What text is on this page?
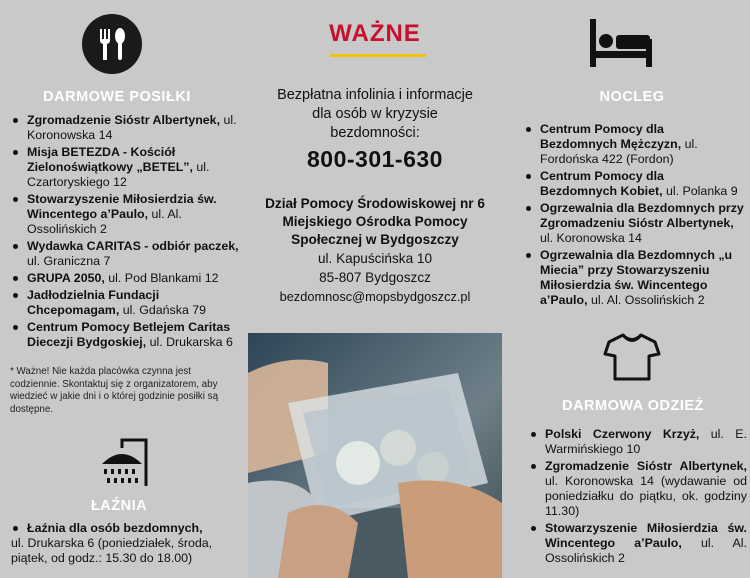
DARMOWE POSIŁKI
Zgromadzenie Sióstr Albertynek, ul. Koronowska 14
Misja BETEZDA - Kościół Zielonoświątkowy „BETEL”, ul. Czartoryskiego 12
Stowarzyszenie Miłosierdzia św. Wincentego a’Paulo, ul. Al. Ossolińskich 2
Wydawka CARITAS - odbiór paczek, ul. Graniczna 7
GRUPA 2050, ul. Pod Blankami 12
Jadłodzielnia Fundacji Chcepomagam, ul. Gdańska 79
Centrum Pomocy Betlejem Caritas Diecezji Bydgoskiej, ul. Drukarska 6
* Ważne! Nie każda placówka czynna jest codziennie. Skontaktuj się z organizatorem, aby wiedzieć w jakie dni i o której godzinie posiłki są dostępne.
ŁAŹNIA
Łaźnia dla osób bezdomnych,
ul. Drukarska 6 (poniedziałek, środa, piątek, od godz.: 15.30 do 18.00)
WAŻNE
Bezpłatna infolinia i informacje dla osób w kryzysie bezdomności:
800-301-630
Dział Pomocy Środowiskowej nr 6 Miejskiego Ośrodka Pomocy Społecznej w Bydgoszczy
ul. Kapuścińska 10
85-807 Bydgoszcz
bezdomnosc@mopsbydgoszcz.pl
NOCLEG
Centrum Pomocy dla Bezdomnych Mężczyzn, ul. Fordońska 422 (Fordon)
Centrum Pomocy dla Bezdomnych Kobiet, ul. Polanka 9
Ogrzewalnia dla Bezdomnych przy Zgromadzeniu Sióstr Albertynek, ul. Koronowska 14
Ogrzewalnia dla Bezdomnych „u Miecia” przy Stowarzyszeniu Miłosierdzia św. Wincentego a’Paulo, ul. Al. Ossolińskich 2
DARMOWA ODZIEŻ
Polski Czerwony Krzyż, ul. E. Warmińskiego 10
Zgromadzenie Sióstr Albertynek, ul. Koronowska 14 (wydawanie od poniedziałku do piątku, ok. godziny 11.30)
Stowarzyszenie Miłosierdzia św. Wincentego a’Paulo, ul. Al. Ossolińskich 2
